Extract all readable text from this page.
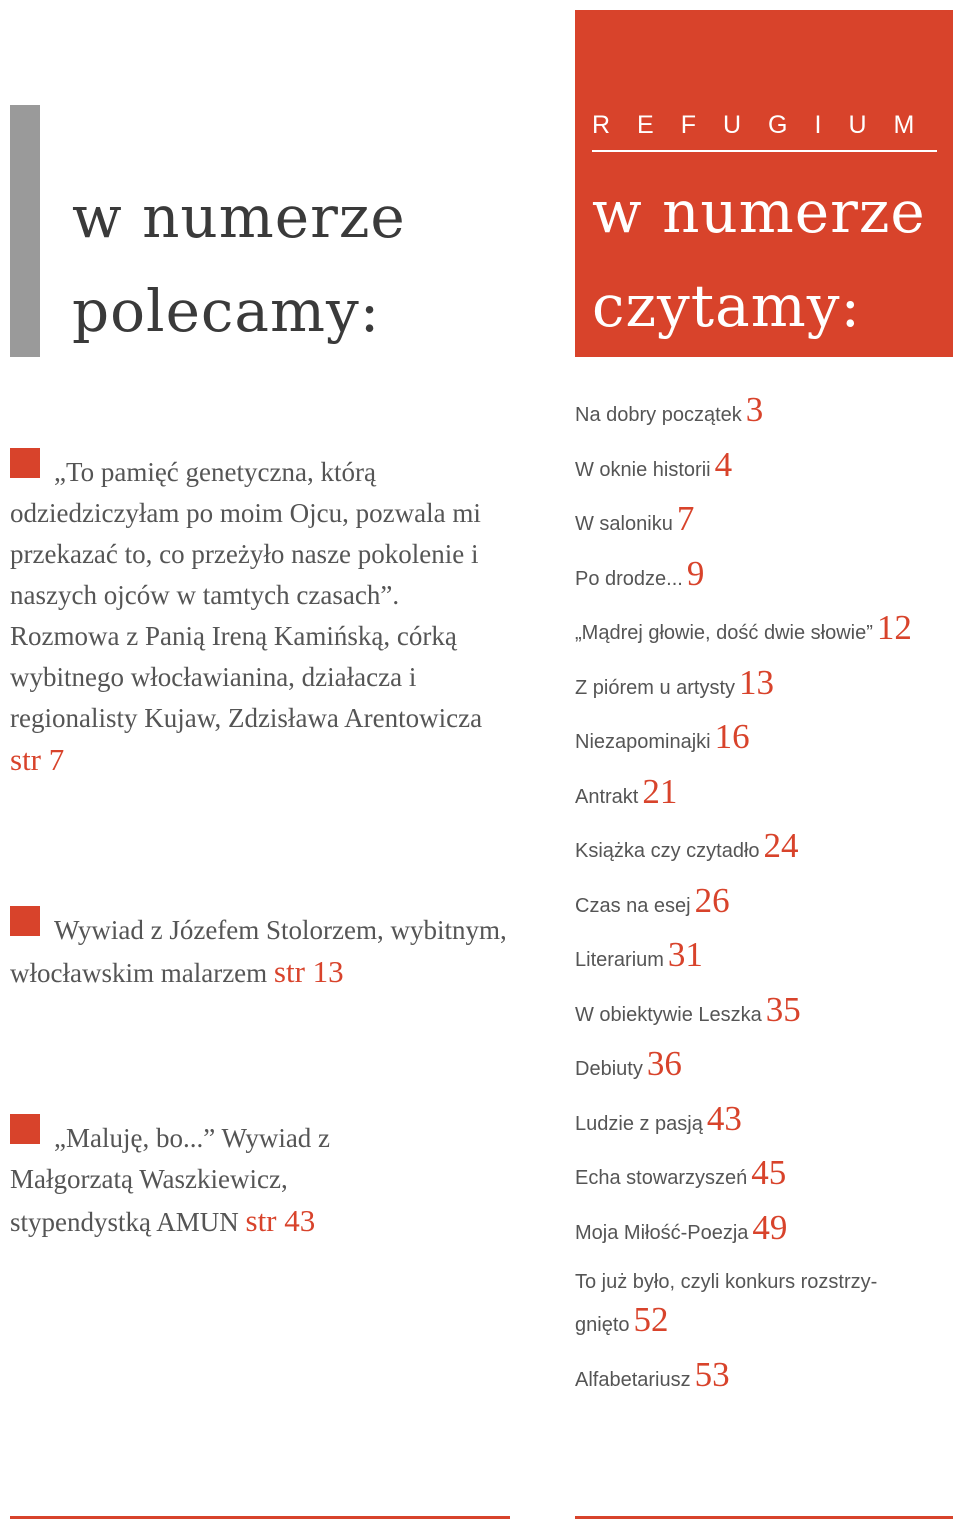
w numerze
polecamy:
REFUGIUM
w numerze
czytamy:
„To pamięć genetyczna, którą odziedziczyłam po moim Ojcu, pozwala mi przekazać to, co przeżyło nasze pokolenie i naszych ojców w tamtych czasach”. Rozmowa z Panią Ireną Kamińską, córką wybitnego włocławianina, działacza i regionalisty Kujaw, Zdzisława Arentowicza str 7
Wywiad z Józefem Stolorzem, wybitnym, włocławskim malarzem str 13
„Maluję, bo...” Wywiad z Małgorzatą Waszkiewicz, stypendystką AMUN str 43
Na dobry początek 3
W oknie historii 4
W saloniku 7
Po drodze... 9
„Mądrej głowie, dość dwie słowie” 12
Z piórem u artysty 13
Niezapominajki 16
Antrakt 21
Książka czy czytadło 24
Czas na esej 26
Literarium 31
W obiektywie Leszka 35
Debiuty 36
Ludzie z pasją 43
Echa stowarzyszeń 45
Moja Miłość-Poezja 49
To już było, czyli konkurs rozstrzy-gnięto 52
Alfabetariusz 53
